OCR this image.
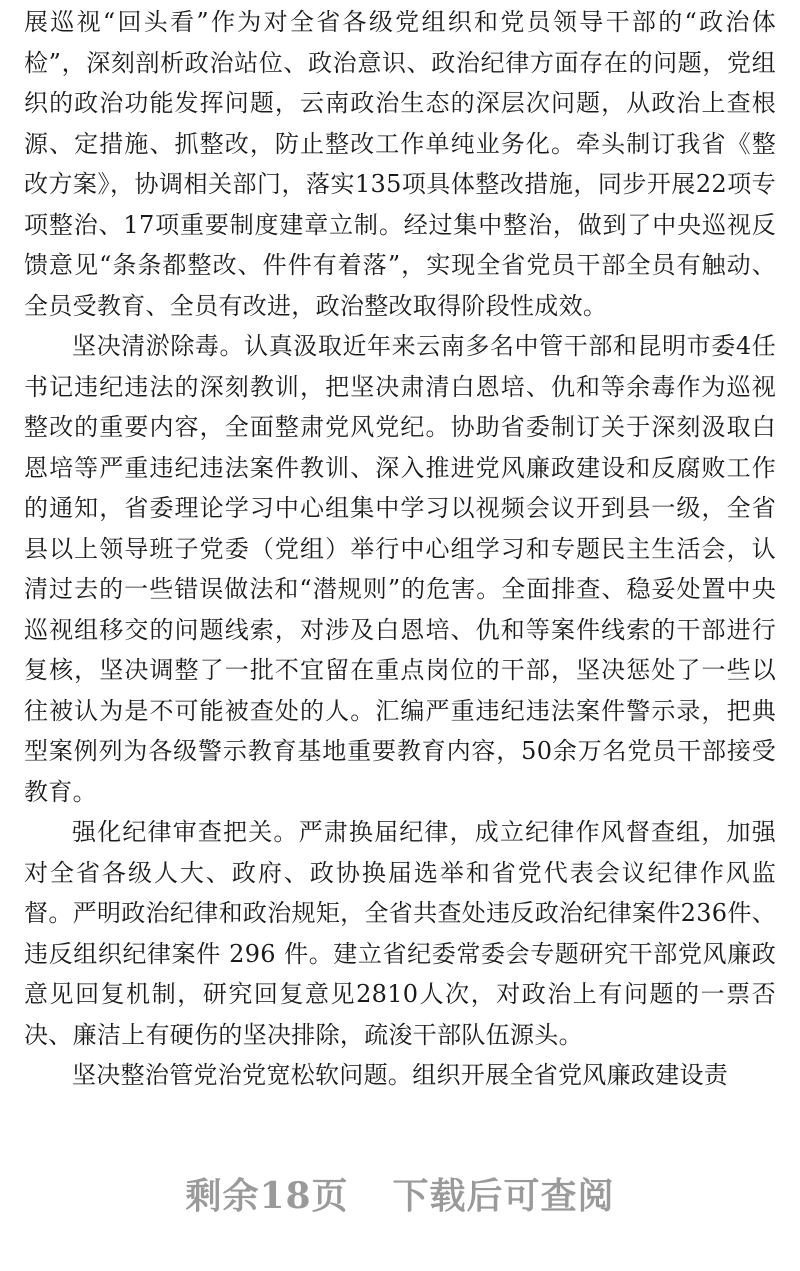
展巡视“回头看”作为对全省各级党组织和党员领导干部的“政治体检”，深刻剖析政治站位、政治意识、政治纪律方面存在的问题，党组织的政治功能发挥问题，云南政治生态的深层次问题，从政治上查根源、定措施、抓整改，防止整改工作单纯业务化。牵头制订我省《整改方案》，协调相关部门，落实135项具体整改措施，同步开展22项专项整治、17项重要制度建章立制。经过集中整治，做到了中央巡视反馈意见“条条都整改、件件有着落”，实现全省党员干部全员有触动、全员受教育、全员有改进，政治整改取得阶段性成效。

坚决清淤除毒。认真汲取近年来云南多名中管干部和昆明市委4任书记违纪违法的深刻教训，把坚决肃清白恩培、仇和等余毒作为巡视整改的重要内容，全面整肃党风党纪。协助省委制订关于深刻汲取白恩培等严重违纪违法案件教训、深入推进党风廉政建设和反腐败工作的通知，省委理论学习中心组集中学习以视频会议开到县一级，全省县以上领导班子党委（党组）举行中心组学习和专题民主生活会，认清过去的一些错误做法和“潜规则”的危害。全面排查、稳妥处置中央巡视组移交的问题线索，对涉及白恩培、仇和等案件线索的干部进行复核，坚决调整了一批不宜留在重点岗位的干部，坚决惩处了一些以往被认为是不可能被查处的人。汇编严重违纪违法案件警示录，把典型案例列为各级警示教育基地重要教育内容，50余万名党员干部接受教育。

强化纪律审查把关。严肃换届纪律，成立纪律作风督查组，加强对全省各级人大、政府、政协换届选举和省党代表会议纪律作风监督。严明政治纪律和政治规矩，全省共查处违反政治纪律案件236件、违反组织纪律案件 296 件。建立省纪委常委会专题研究干部党风廉政意见回复机制，研究回复意见2810人次，对政治上有问题的一票否决、廉洁上有硬伤的坚决排除，疏浚干部队伍源头。

坚决整治管党治党宽松软问题。组织开展全省党风廉政建设责

剩余18页 下载后可查阅
